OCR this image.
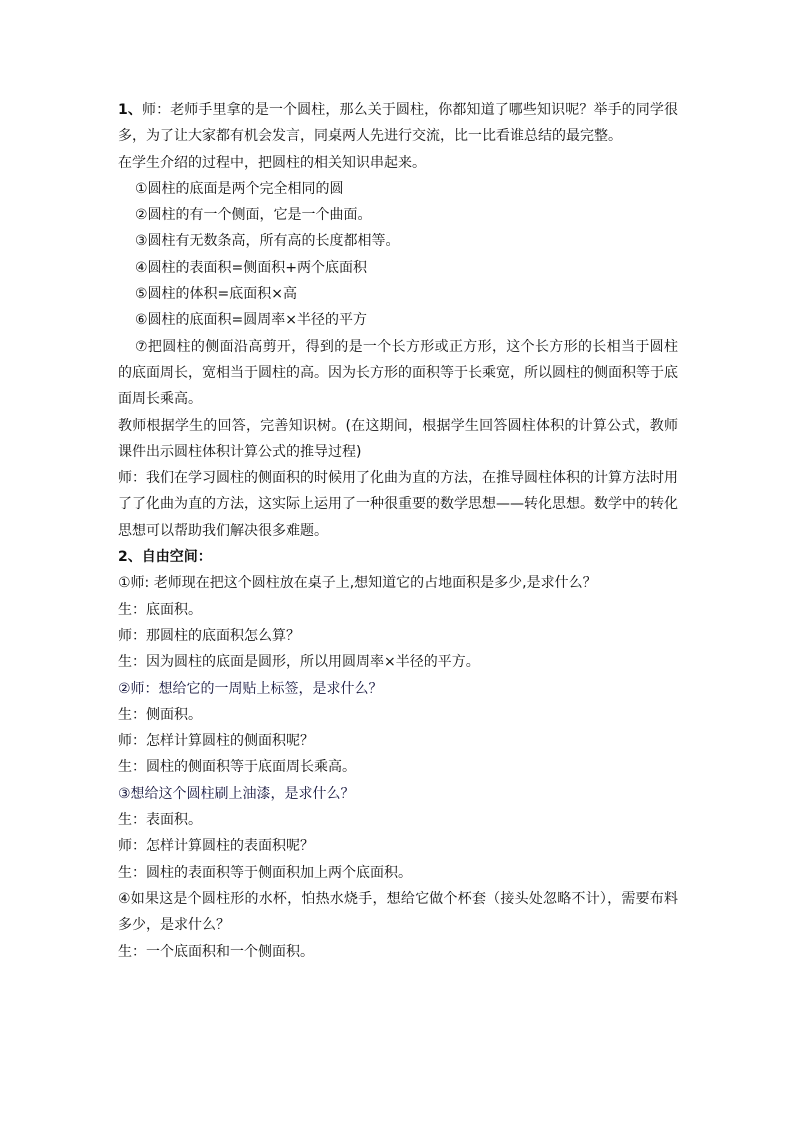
1、师：老师手里拿的是一个圆柱，那么关于圆柱，你都知道了哪些知识呢？举手的同学很多，为了让大家都有机会发言，同桌两人先进行交流，比一比看谁总结的最完整。

在学生介绍的过程中，把圆柱的相关知识串起来。

①圆柱的底面是两个完全相同的圆

②圆柱的有一个侧面，它是一个曲面。

③圆柱有无数条高，所有高的长度都相等。

④圆柱的表面积=侧面积+两个底面积

⑤圆柱的体积=底面积×高

⑥圆柱的底面积=圆周率×半径的平方

⑦把圆柱的侧面沿高剪开，得到的是一个长方形或正方形，这个长方形的长相当于圆柱的底面周长，宽相当于圆柱的高。因为长方形的面积等于长乘宽，所以圆柱的侧面积等于底面周长乘高。

教师根据学生的回答，完善知识树。(在这期间，根据学生回答圆柱体积的计算公式，教师课件出示圆柱体积计算公式的推导过程)

师：我们在学习圆柱的侧面积的时候用了化曲为直的方法，在推导圆柱体积的计算方法时用了了化曲为直的方法，这实际上运用了一种很重要的数学思想——转化思想。数学中的转化思想可以帮助我们解决很多难题。

2、自由空间：

①师: 老师现在把这个圆柱放在桌子上,想知道它的占地面积是多少,是求什么？

生：底面积。

师：那圆柱的底面积怎么算？

生：因为圆柱的底面是圆形，所以用圆周率×半径的平方。

②师：想给它的一周贴上标签，是求什么？

生：侧面积。

师：怎样计算圆柱的侧面积呢？

生：圆柱的侧面积等于底面周长乘高。

③想给这个圆柱刷上油漆，是求什么？

生：表面积。

师：怎样计算圆柱的表面积呢？

生：圆柱的表面积等于侧面积加上两个底面积。

④如果这是个圆柱形的水杯，怕热水烧手，想给它做个杯套（接头处忽略不计），需要布料多少，是求什么？

生：一个底面积和一个侧面积。
